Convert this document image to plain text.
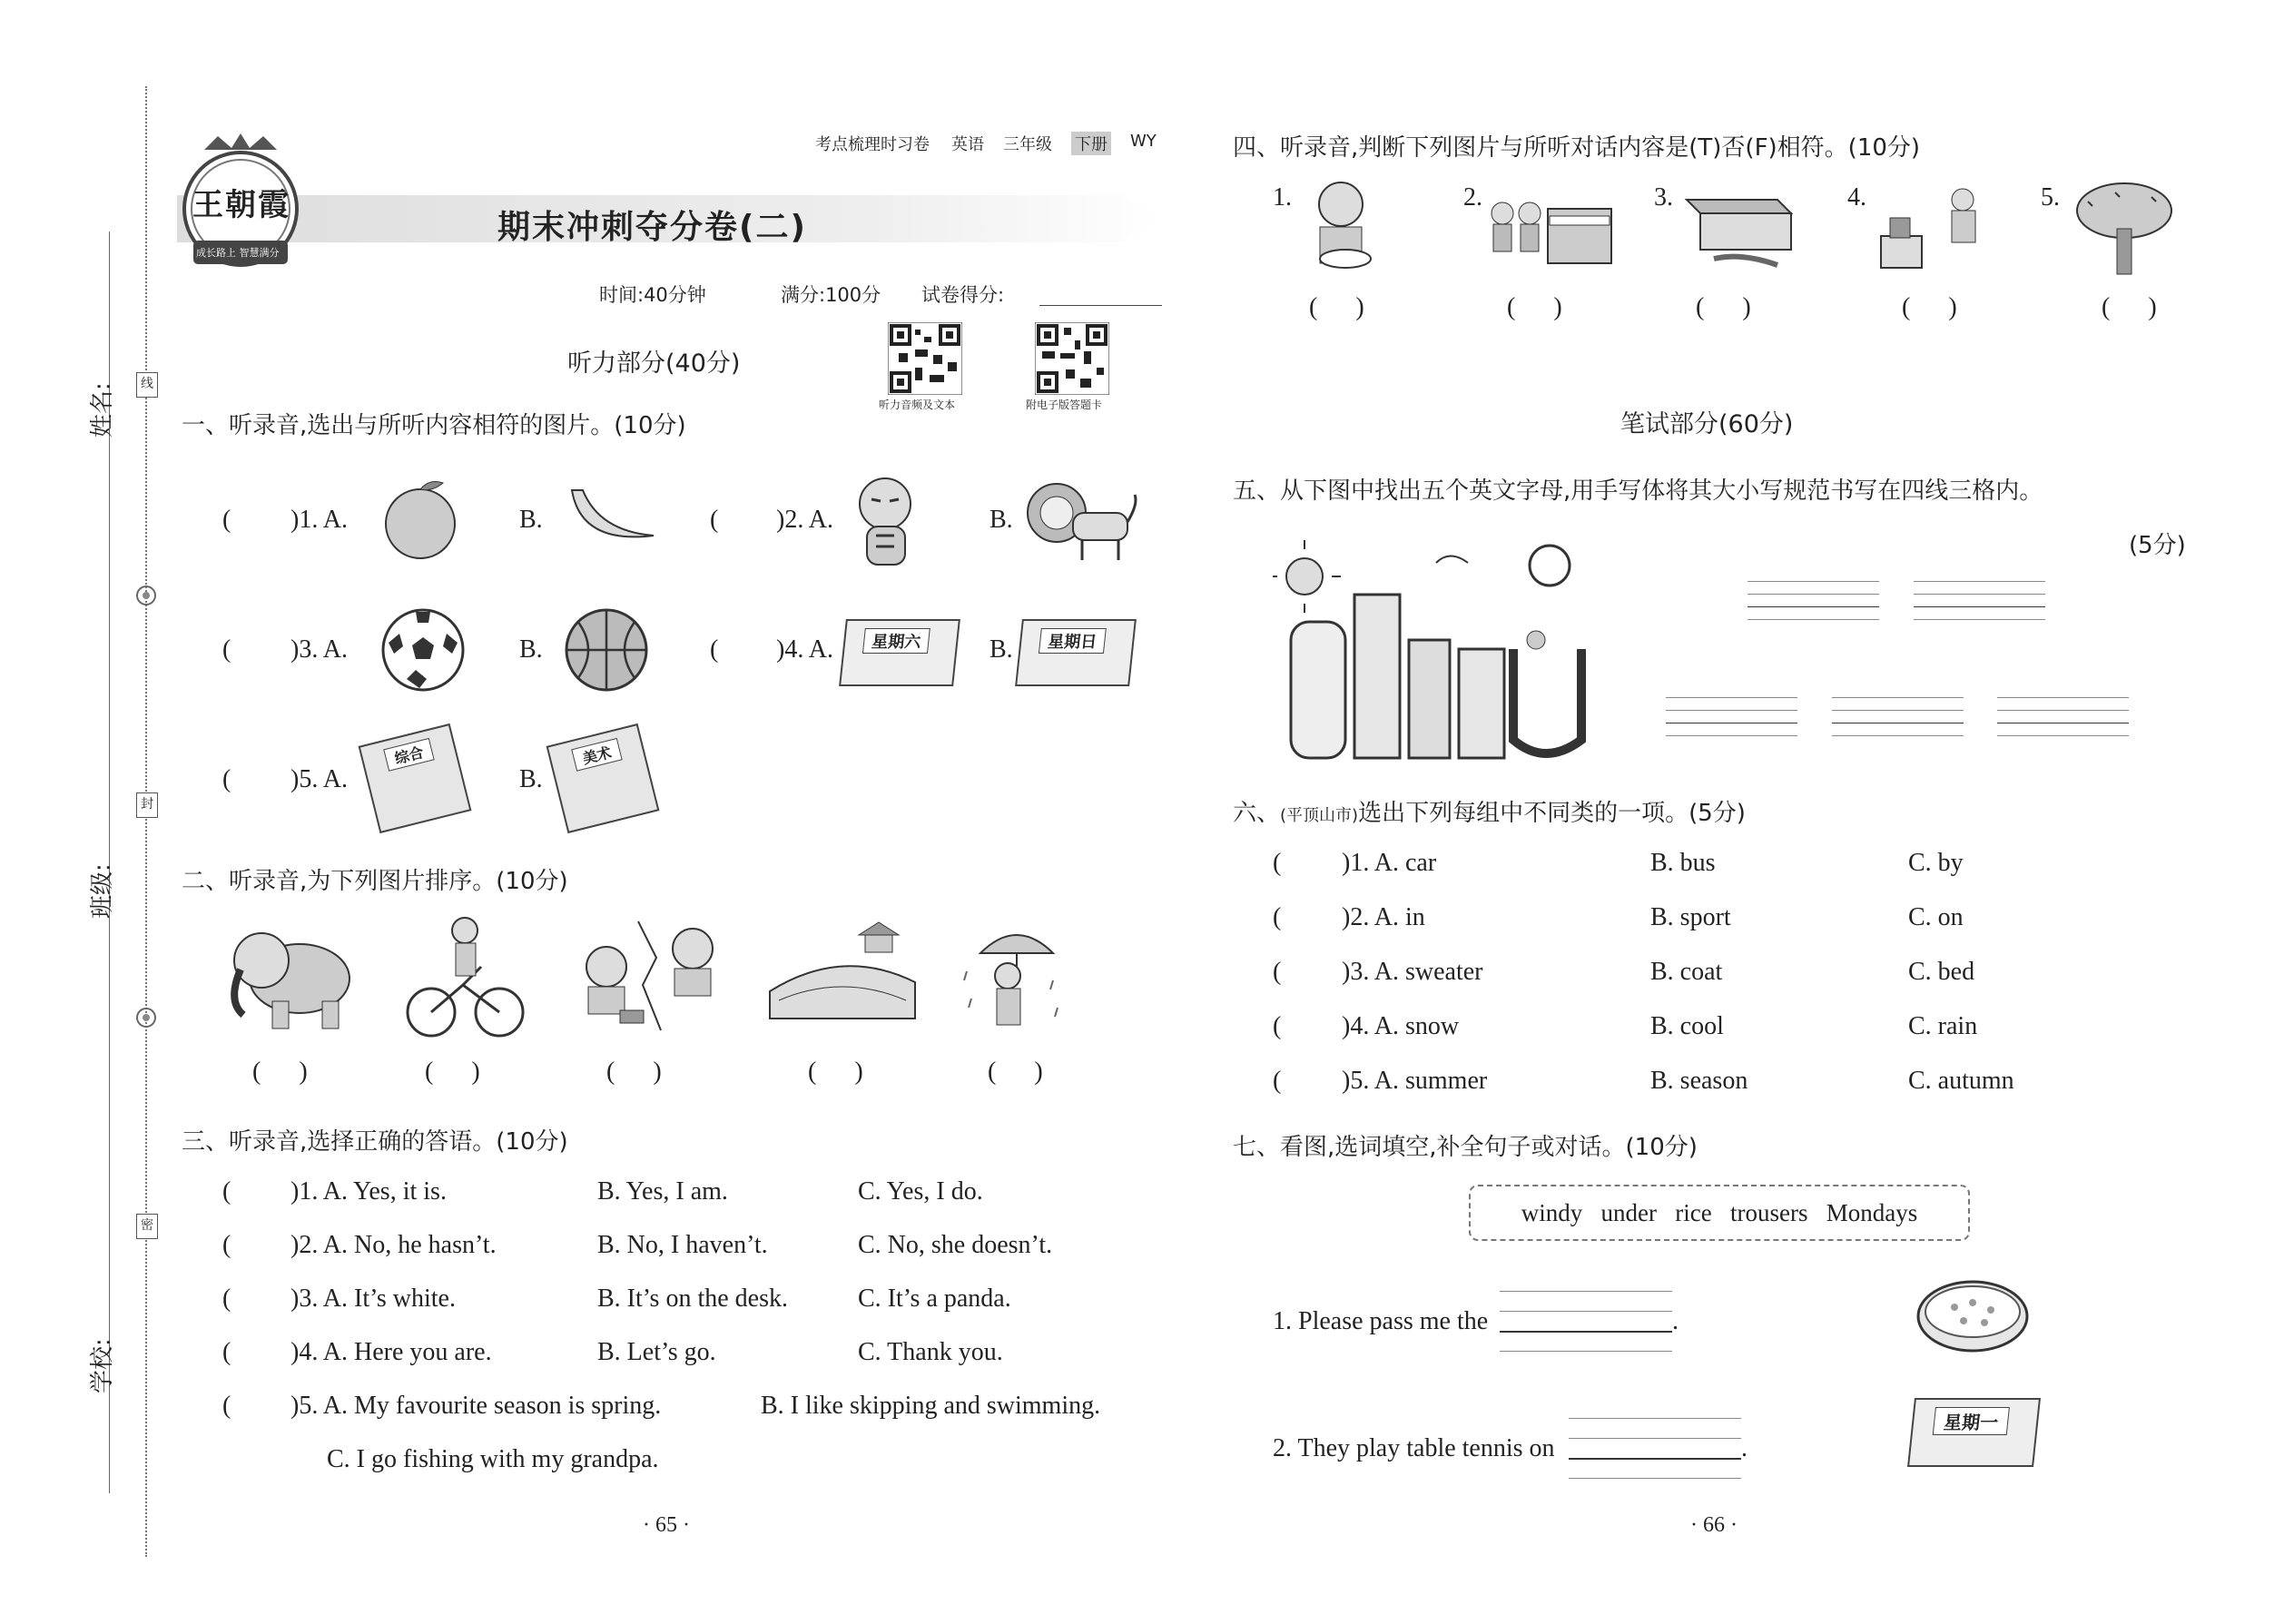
姓名:
班级:
学校:
线
封
密
王朝霞
成长路上 智慧满分
考点梳理时习卷 英语 三年级 下册 WY
期末冲刺夺分卷(二)
时间:40分钟	满分:100分 试卷得分:
听力部分(40分)
听力音频及文本	附电子版答题卡
一、听录音,选出与所听内容相符的图片。(10分)
( )1. A.	B.	( )2. A.	B.
( )3. A.	B.	( )4. A.	星期六	B.	星期日
( )5. A.
综合
B.
美术
二、听录音,为下列图片排序。(10分)
(      )	(      )	(      )	(      )	(      )
三、听录音,选择正确的答语。(10分)
( )1. A. Yes, it is.	B. Yes, I am.	C. Yes, I do.
( )2. A. No, he hasn’t.	B. No, I haven’t.	C. No, she doesn’t.
( )3. A. It’s white.	B. It’s on the desk.	C. It’s a panda.
( )4. A. Here you are.	B. Let’s go.	C. Thank you.
( )5. A. My favourite season is spring.	B. I like skipping and swimming.
C. I go fishing with my grandpa.
· 65 ·
四、听录音,判断下列图片与所听对话内容是(T)否(F)相符。(10分)
1.	2.	3.	4.	5.
(      )	(      )	(      )	(      )	(      )
笔试部分(60分)
五、从下图中找出五个英文字母,用手写体将其大小写规范书写在四线三格内。
(5分)
六、(平顶山市)选出下列每组中不同类的一项。(5分)
( )1. A. car	B. bus	C. by
( )2. A. in	B. sport	C. on
( )3. A. sweater	B. coat	C. bed
( )4. A. snow	B. cool	C. rain
( )5. A. summer	B. season	C. autumn
七、看图,选词填空,补全句子或对话。(10分)
windy   under   rice   trousers   Mondays
1. Please pass me the	.
2. They play table tennis on	.
星期一
· 66 ·
